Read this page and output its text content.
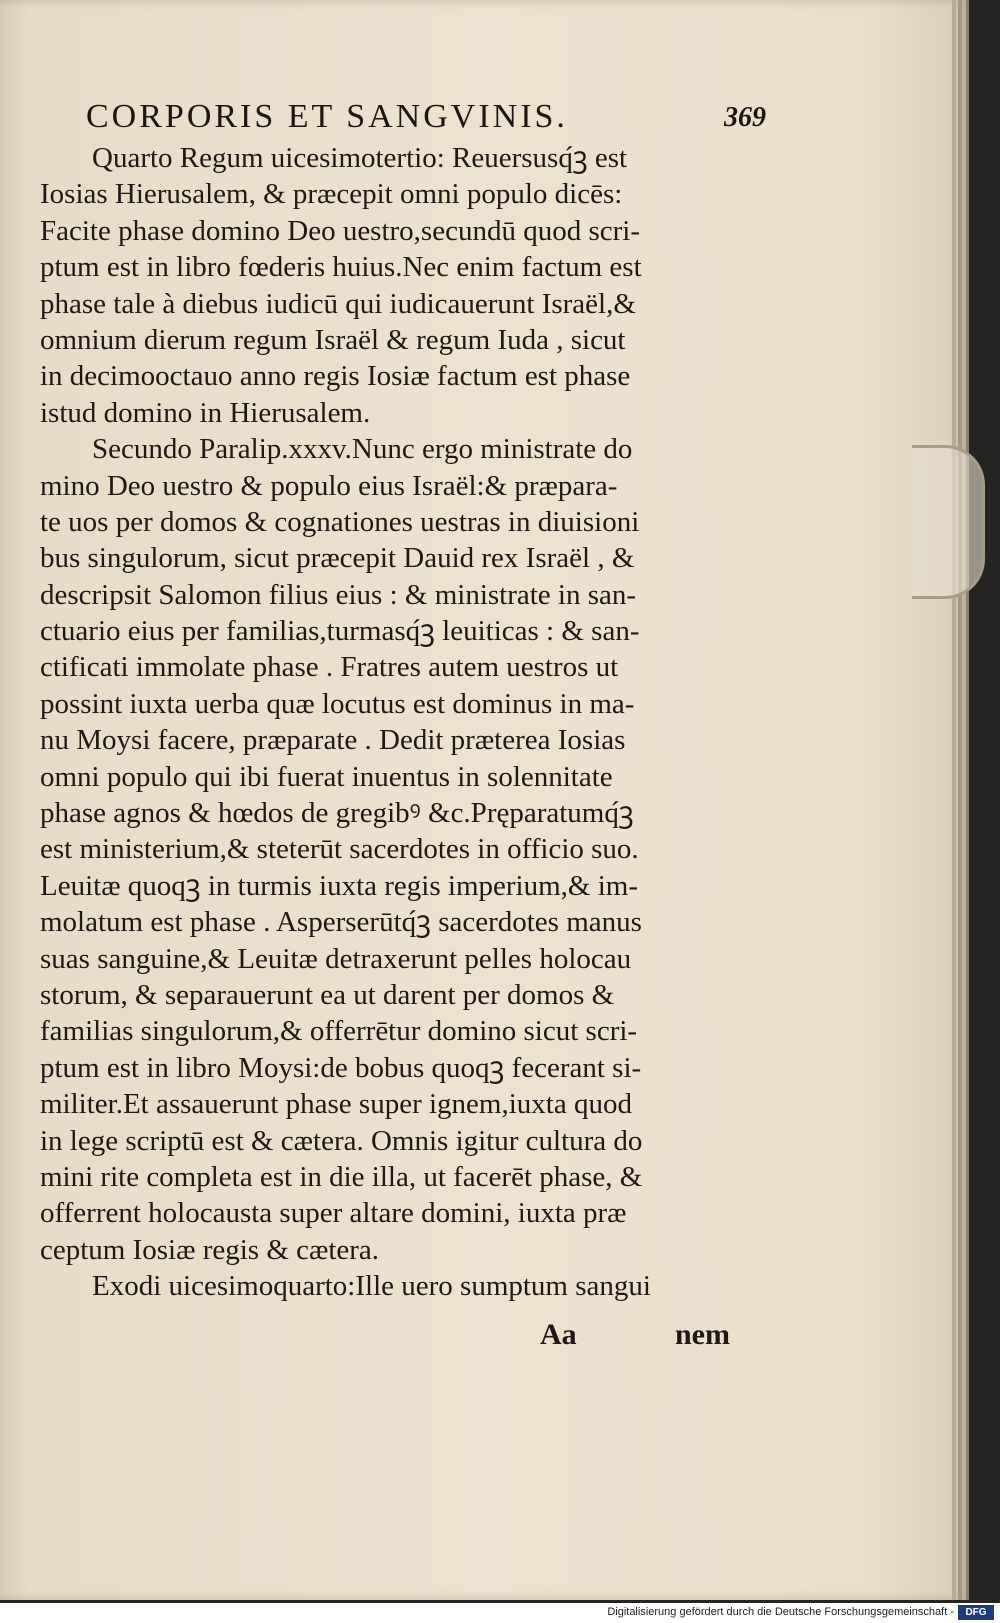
CORPORIS ET SANGVINIS.	369
Quarto Regum uicesimotertio: Reuersusq́ꝫ est
Iosias Hierusalem, & præcepit omni populo dicēs:
Facite phase domino Deo uestro,secundū quod scri-
ptum est in libro fœderis huius.Nec enim factum est
phase tale à diebus iudicū qui iudicauerunt Israël,&
omnium dierum regum Israël & regum Iuda , sicut
in decimooctauo anno regis Iosiæ factum est phase
istud domino in Hierusalem.
Secundo Paralip.xxxv.Nunc ergo ministrate do
mino Deo uestro & populo eius Israël:& præpara-
te uos per domos & cognationes uestras in diuisioni
bus singulorum, sicut præcepit Dauid rex Israël , &
descripsit Salomon filius eius : & ministrate in san-
ctuario eius per familias,turmasq́ꝫ leuiticas : & san-
ctificati immolate phase . Fratres autem uestros ut
possint iuxta uerba quæ locutus est dominus in ma-
nu Moysi facere, præparate . Dedit præterea Iosias
omni populo qui ibi fuerat inuentus in solennitate
phase agnos & hœdos de gregibꝰ &c.Pręparatumq́ꝫ
est ministerium,& steterūt sacerdotes in officio suo.
Leuitæ quoqꝫ in turmis iuxta regis imperium,& im-
molatum est phase . Asperserūtq́ꝫ sacerdotes manus
suas sanguine,& Leuitæ detraxerunt pelles holocau
storum, & separauerunt ea ut darent per domos &
familias singulorum,& offerrētur domino sicut scri-
ptum est in libro Moysi:de bobus quoqꝫ fecerant si-
militer.Et assauerunt phase super ignem,iuxta quod
in lege scriptū est & cætera. Omnis igitur cultura do
mini rite completa est in die illa, ut facerēt phase, &
offerrent holocausta super altare domini, iuxta præ
ceptum Iosiæ regis & cætera.
Exodi uicesimoquarto:Ille uero sumptum sangui
Aa	nem
Digitalisierung gefördert durch die Deutsche Forschungsgemeinschaft -	DFG
